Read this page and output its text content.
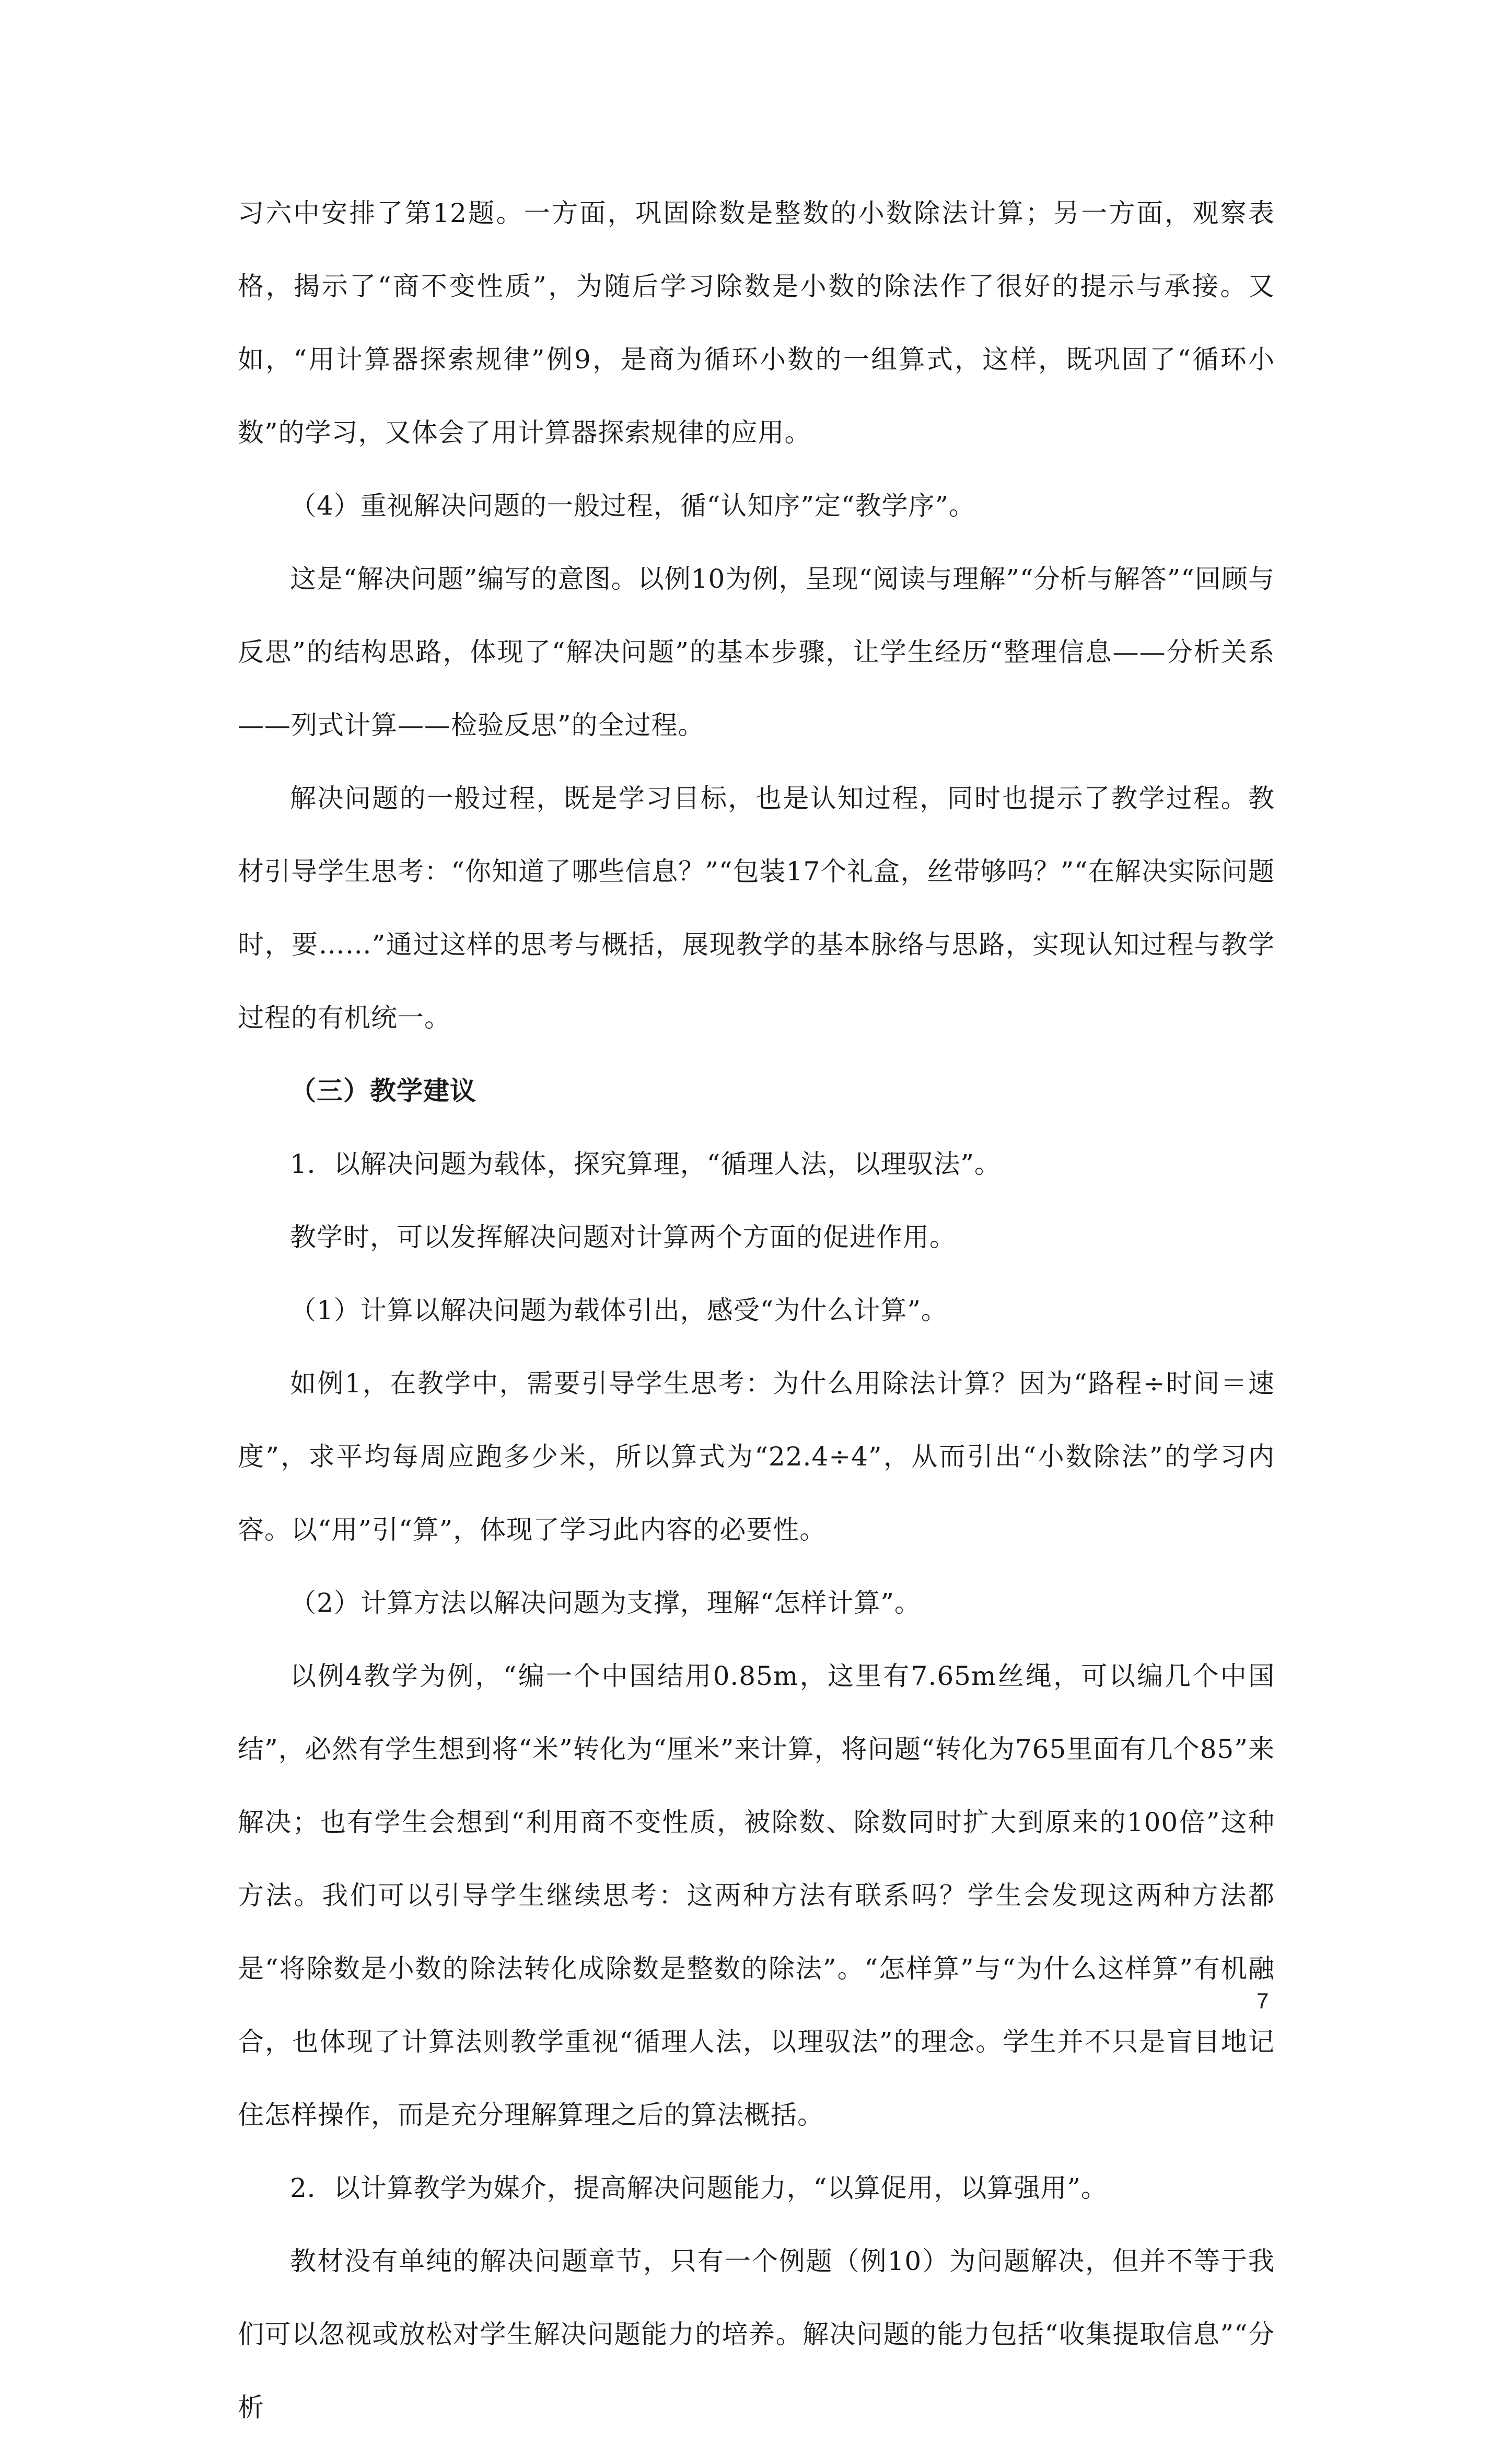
习六中安排了第12题。一方面，巩固除数是整数的小数除法计算；另一方面，观察表格，揭示了“商不变性质”，为随后学习除数是小数的除法作了很好的提示与承接。又如，“用计算器探索规律”例9，是商为循环小数的一组算式，这样，既巩固了“循环小数”的学习，又体会了用计算器探索规律的应用。

（4）重视解决问题的一般过程，循“认知序”定“教学序”。

这是“解决问题”编写的意图。以例10为例，呈现“阅读与理解”“分析与解答”“回顾与反思”的结构思路，体现了“解决问题”的基本步骤，让学生经历“整理信息——分析关系——列式计算——检验反思”的全过程。

解决问题的一般过程，既是学习目标，也是认知过程，同时也提示了教学过程。教材引导学生思考：“你知道了哪些信息？”“包装17个礼盒，丝带够吗？”“在解决实际问题时，要……”通过这样的思考与概括，展现教学的基本脉络与思路，实现认知过程与教学过程的有机统一。

（三）教学建议

1．以解决问题为载体，探究算理，“循理人法，以理驭法”。

教学时，可以发挥解决问题对计算两个方面的促进作用。

（1）计算以解决问题为载体引出，感受“为什么计算”。

如例1，在教学中，需要引导学生思考：为什么用除法计算？因为“路程÷时间＝速度”，求平均每周应跑多少米，所以算式为“22.4÷4”，从而引出“小数除法”的学习内容。以“用”引“算”，体现了学习此内容的必要性。

（2）计算方法以解决问题为支撑，理解“怎样计算”。

以例4教学为例，“编一个中国结用0.85m，这里有7.65m丝绳，可以编几个中国结”，必然有学生想到将“米”转化为“厘米”来计算，将问题“转化为765里面有几个85”来解决；也有学生会想到“利用商不变性质，被除数、除数同时扩大到原来的100倍”这种方法。我们可以引导学生继续思考：这两种方法有联系吗？学生会发现这两种方法都是“将除数是小数的除法转化成除数是整数的除法”。“怎样算”与“为什么这样算”有机融合，也体现了计算法则教学重视“循理人法，以理驭法”的理念。学生并不只是盲目地记住怎样操作，而是充分理解算理之后的算法概括。

2．以计算教学为媒介，提高解决问题能力，“以算促用，以算强用”。

教材没有单纯的解决问题章节，只有一个例题（例10）为问题解决，但并不等于我们可以忽视或放松对学生解决问题能力的培养。解决问题的能力包括“收集提取信息”“分析

7
